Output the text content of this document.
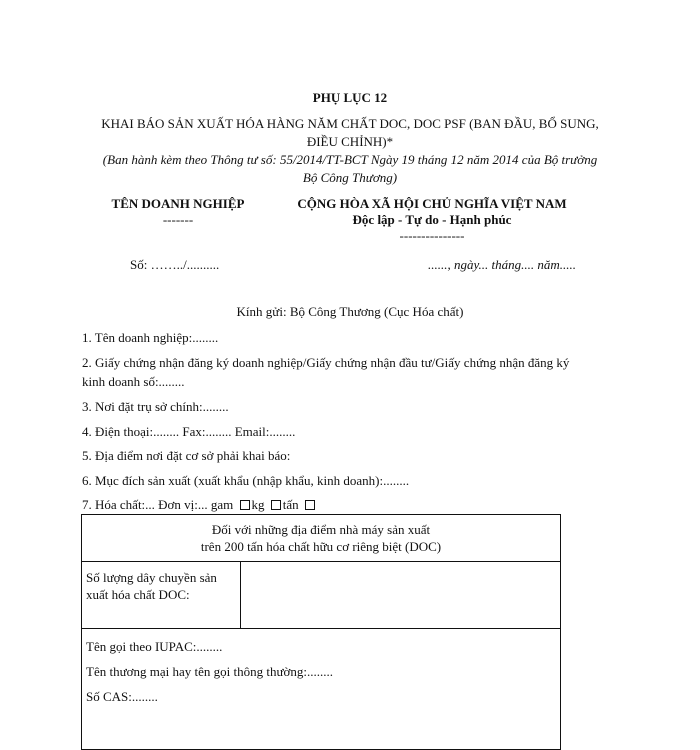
PHỤ LỤC 12
KHAI BÁO SẢN XUẤT HÓA HÀNG NĂM CHẤT DOC, DOC PSF (BAN ĐẦU, BỔ SUNG,
ĐIỀU CHỈNH)*
(Ban hành kèm theo Thông tư số: 55/2014/TT-BCT Ngày 19 tháng 12 năm 2014 của Bộ trưởng
Bộ Công Thương)
TÊN DOANH NGHIỆP
-------
Số: ……../..........
CỘNG HÒA XÃ HỘI CHỦ NGHĨA VIỆT NAM
Độc lập - Tự do - Hạnh phúc
---------------
......, ngày... tháng.... năm.....
Kính gửi: Bộ Công Thương (Cục Hóa chất)
1. Tên doanh nghiệp:........
2. Giấy chứng nhận đăng ký doanh nghiệp/Giấy chứng nhận đầu tư/Giấy chứng nhận đăng ký
kinh doanh số:........
3. Nơi đặt trụ sở chính:........
4. Điện thoại:........ Fax:........ Email:........
5. Địa điểm nơi đặt cơ sở phải khai báo:
6. Mục đích sản xuất (xuất khẩu (nhập khẩu, kinh doanh):........
7. Hóa chất:... Đơn vị:... gam kg tấn
Đối với những địa điểm nhà máy sản xuất
trên 200 tấn hóa chất hữu cơ riêng biệt (DOC)

Số lượng dây chuyền sản
xuất hóa chất DOC:

Tên gọi theo IUPAC:........
Tên thương mại hay tên gọi thông thường:........
Số CAS:........
